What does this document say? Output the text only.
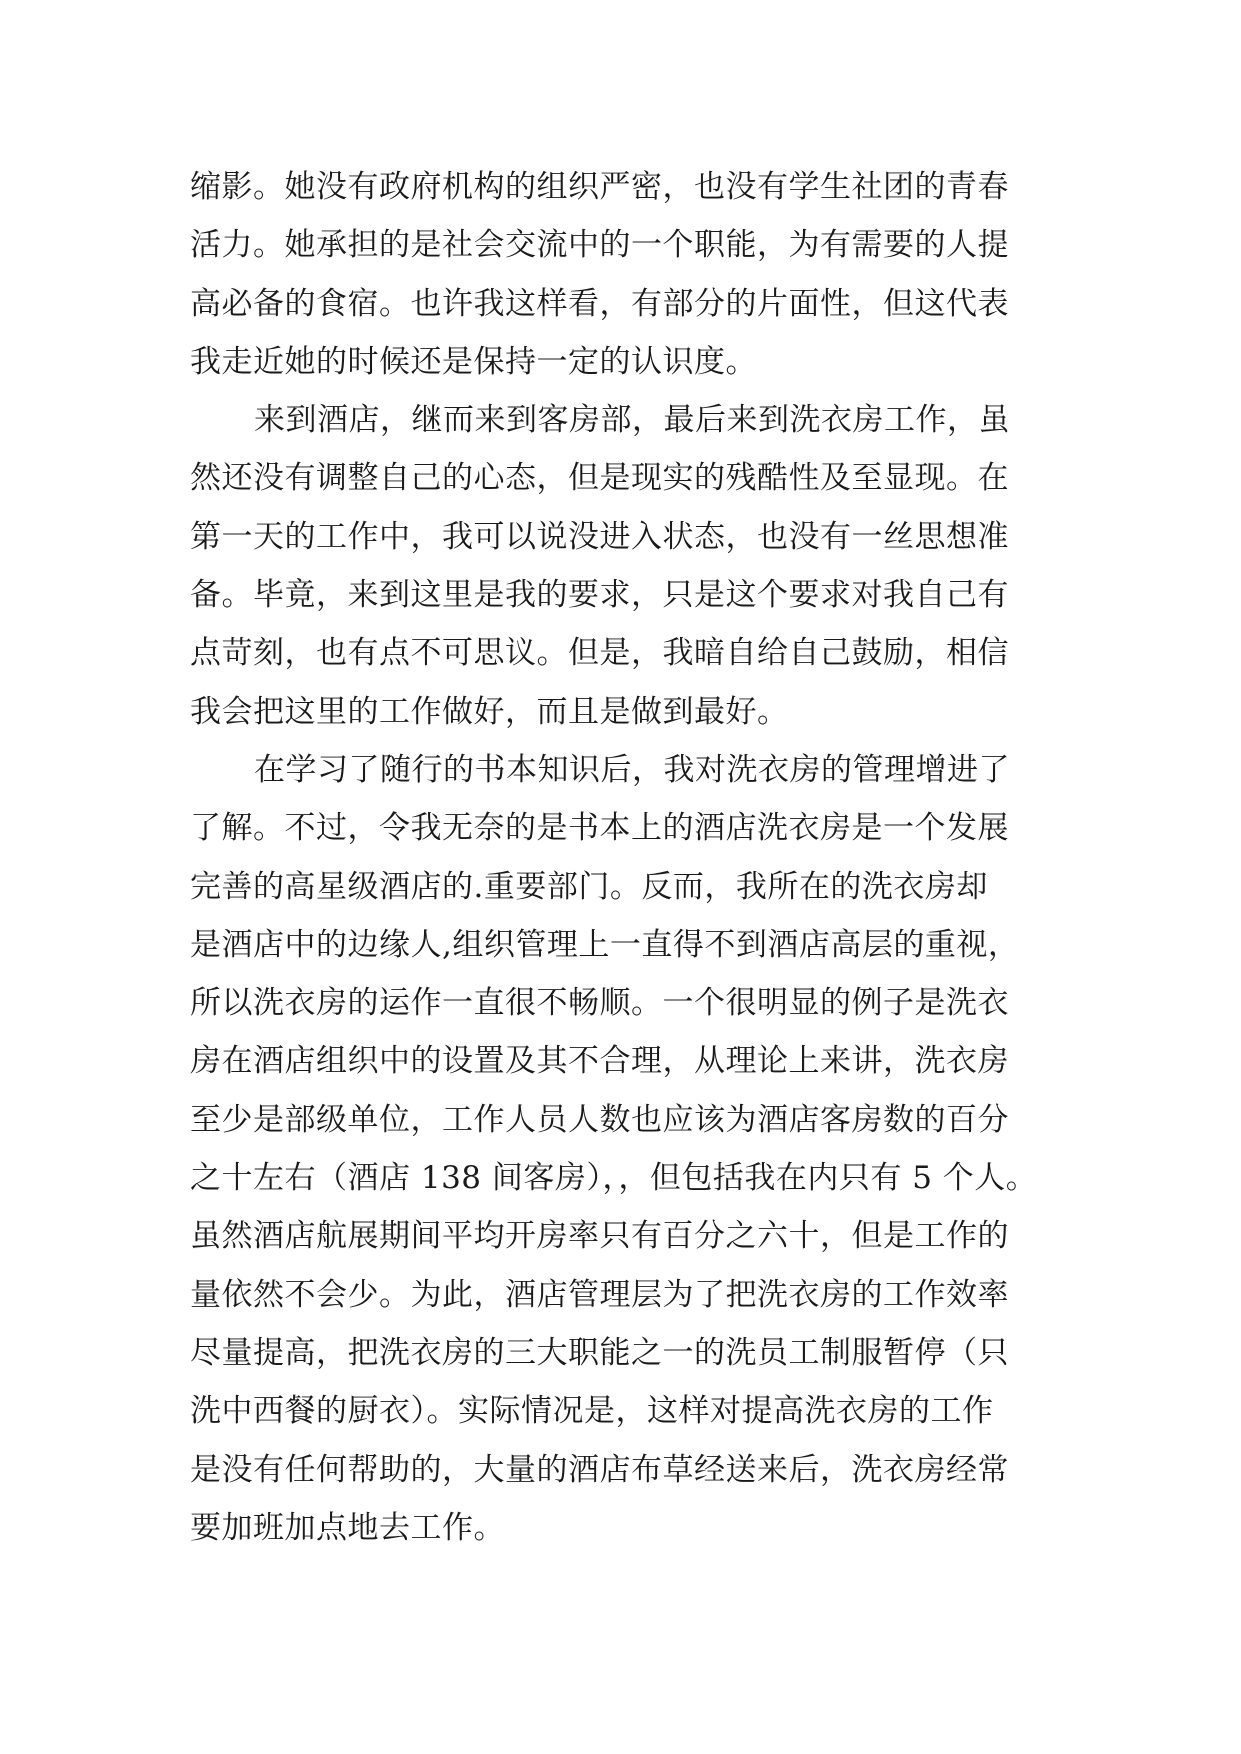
缩影。她没有政府机构的组织严密，也没有学生社团的青春
活力。她承担的是社会交流中的一个职能，为有需要的人提
高必备的食宿。也许我这样看，有部分的片面性，但这代表
我走近她的时候还是保持一定的认识度。
来到酒店，继而来到客房部，最后来到洗衣房工作，虽
然还没有调整自己的心态，但是现实的残酷性及至显现。在
第一天的工作中，我可以说没进入状态，也没有一丝思想准
备。毕竟，来到这里是我的要求，只是这个要求对我自己有
点苛刻，也有点不可思议。但是，我暗自给自己鼓励，相信
我会把这里的工作做好，而且是做到最好。
在学习了随行的书本知识后，我对洗衣房的管理增进了
了解。不过，令我无奈的是书本上的酒店洗衣房是一个发展
完善的高星级酒店的.重要部门。反而，我所在的洗衣房却
是酒店中的边缘人,组织管理上一直得不到酒店高层的重视，
所以洗衣房的运作一直很不畅顺。一个很明显的例子是洗衣
房在酒店组织中的设置及其不合理，从理论上来讲，洗衣房
至少是部级单位，工作人员人数也应该为酒店客房数的百分
之十左右（酒店 138 间客房），，但包括我在内只有 5 个人。
虽然酒店航展期间平均开房率只有百分之六十，但是工作的
量依然不会少。为此，酒店管理层为了把洗衣房的工作效率
尽量提高，把洗衣房的三大职能之一的洗员工制服暂停（只
洗中西餐的厨衣）。实际情况是，这样对提高洗衣房的工作
是没有任何帮助的，大量的酒店布草经送来后，洗衣房经常
要加班加点地去工作。
